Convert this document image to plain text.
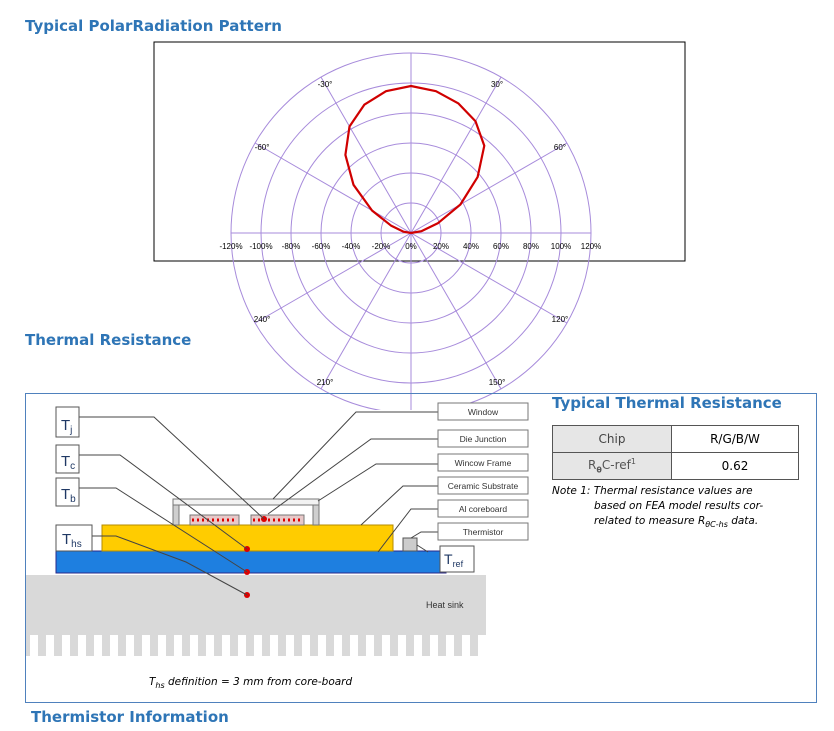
Typical PolarRadiation Pattern
-120% -100% -80% -60% -40% -20% 0% 20% 40% 60% 80% 100% 120%
-30°	30°
-60°	60°
120°
240°
150°
210°
Thermal Resistance
Heat sink
$T_j$
$T_c$
$T_b$
$T_{hs}$
$T_{ref}$
Window
Die Junction
Wincow Frame
Ceramic Substrate
Al coreboard
Thermistor
Typical Thermal Resistance
Chip	R/G/B/W
$R_\theta C-ref^1$	0.62
Note 1: Thermal resistance values are

based on FEA model results cor-
related to measure $R_{\theta C-hs}$ data.
$T_{hs}$ definition = 3 mm from core-board
Thermistor Information
